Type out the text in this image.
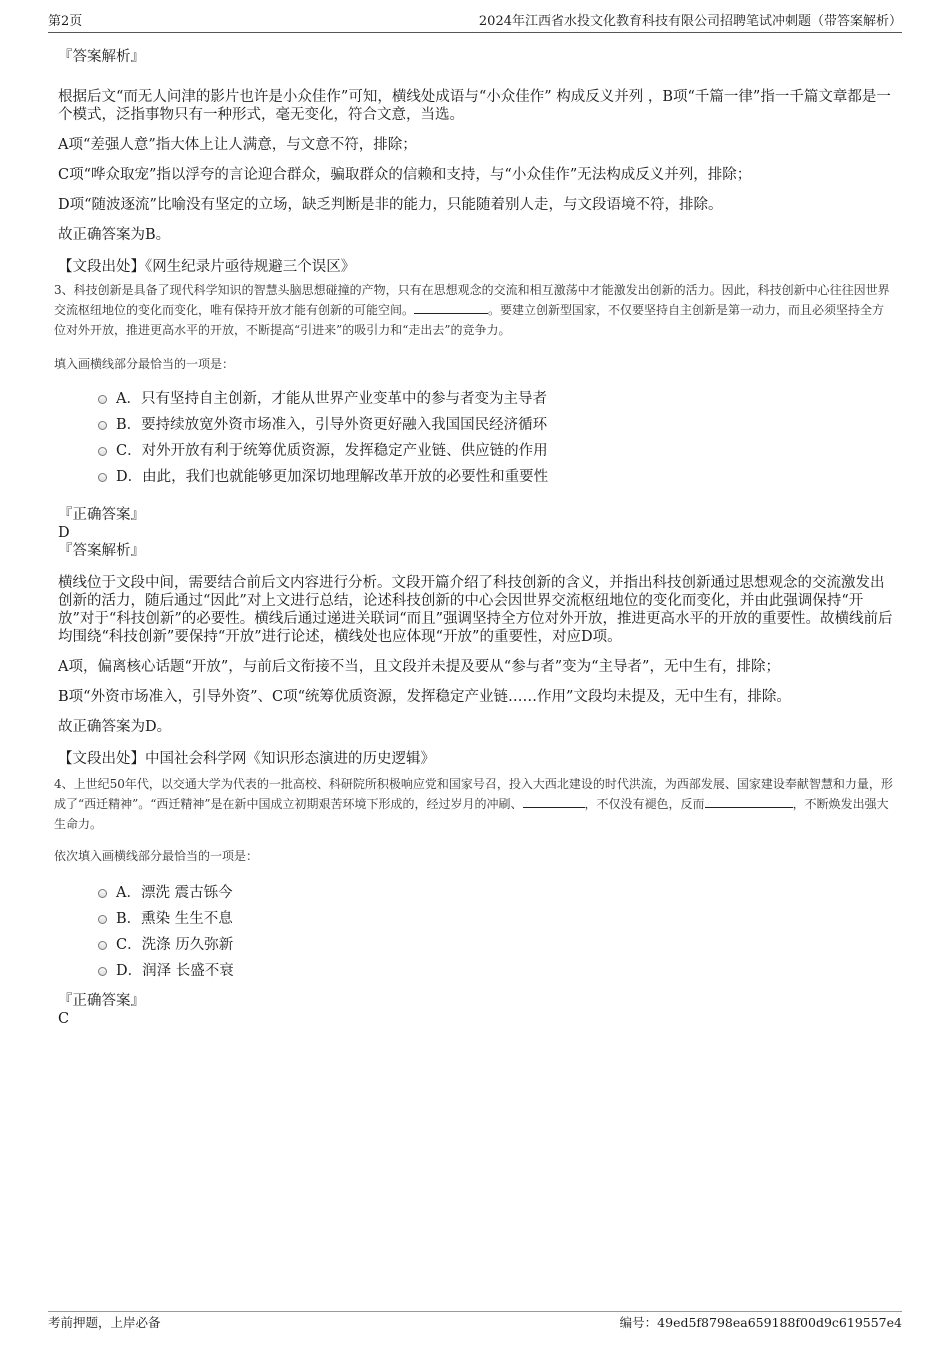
第2页	2024年江西省水投文化教育科技有限公司招聘笔试冲刺题（带答案解析）
『答案解析』
根据后文“而无人问津的影片也许是小众佳作”可知，横线处成语与“小众佳作” 构成反义并列 ，B项“千篇一律”指一千篇文章都是一个模式，泛指事物只有一种形式，毫无变化，符合文意，当选。
A项“差强人意”指大体上让人满意，与文意不符，排除；
C项“哗众取宠”指以浮夸的言论迎合群众，骗取群众的信赖和支持，与“小众佳作”无法构成反义并列，排除；
D项“随波逐流”比喻没有坚定的立场，缺乏判断是非的能力，只能随着别人走，与文段语境不符，排除。
故正确答案为B。
【文段出处】《网生纪录片亟待规避三个误区》
3、科技创新是具备了现代科学知识的智慧头脑思想碰撞的产物，只有在思想观念的交流和相互激荡中才能激发出创新的活力。因此，科技创新中心往往因世界交流枢纽地位的变化而变化，唯有保持开放才能有创新的可能空间。	。要建立创新型国家，不仅要坚持自主创新是第一动力，而且必须坚持全方位对外开放，推进更高水平的开放，不断提高“引进来”的吸引力和“走出去”的竞争力。
填入画横线部分最恰当的一项是：
A．只有坚持自主创新，才能从世界产业变革中的参与者变为主导者
B．要持续放宽外资市场准入，引导外资更好融入我国国民经济循环
C．对外开放有利于统筹优质资源，发挥稳定产业链、供应链的作用
D．由此，我们也就能够更加深切地理解改革开放的必要性和重要性
『正确答案』
D
『答案解析』
横线位于文段中间，需要结合前后文内容进行分析。文段开篇介绍了科技创新的含义，并指出科技创新通过思想观念的交流激发出创新的活力，随后通过“因此”对上文进行总结，论述科技创新的中心会因世界交流枢纽地位的变化而变化，并由此强调保持“开放”对于“科技创新”的必要性。横线后通过递进关联词“而且”强调坚持全方位对外开放，推进更高水平的开放的重要性。故横线前后均围绕“科技创新”要保持“开放”进行论述，横线处也应体现“开放”的重要性，对应D项。
A项，偏离核心话题“开放”，与前后文衔接不当，且文段并未提及要从“参与者”变为“主导者”，无中生有，排除；
B项“外资市场准入，引导外资”、C项“统筹优质资源，发挥稳定产业链……作用”文段均未提及，无中生有，排除。
故正确答案为D。
【文段出处】中国社会科学网《知识形态演进的历史逻辑》
4、上世纪50年代，以交通大学为代表的一批高校、科研院所积极响应党和国家号召，投入大西北建设的时代洪流，为西部发展、国家建设奉献智慧和力量，形成了“西迁精神”。“西迁精神”是在新中国成立初期艰苦环境下形成的，经过岁月的冲刷、	，不仅没有褪色，反而	，不断焕发出强大生命力。
依次填入画横线部分最恰当的一项是：
A．漂洗 震古铄今
B．熏染 生生不息
C．洗涤 历久弥新
D．润泽 长盛不衰
『正确答案』
C
考前押题，上岸必备	编号：49ed5f8798ea659188f00d9c619557e4
